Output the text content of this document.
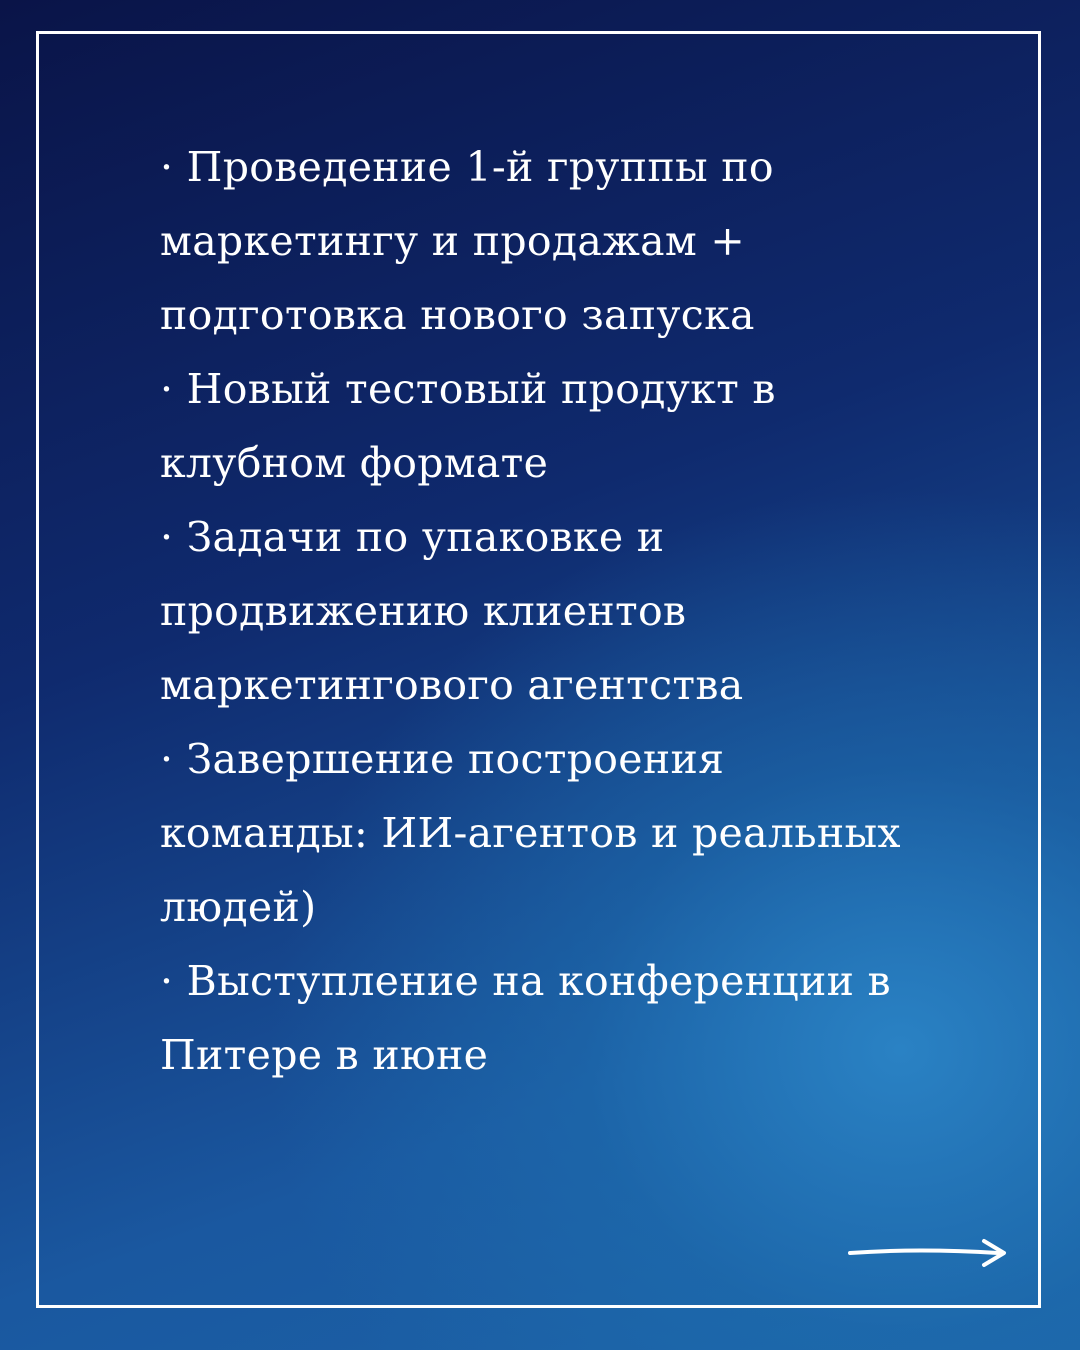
· Проведение 1-й группы по
маркетингу и продажам +
подготовка нового запуска

· Новый тестовый продукт в
клубном формате

· Задачи по упаковке и
продвижению клиентов
маркетингового агентства

· Завершение построения
команды: ИИ-агентов и реальных
людей)

· Выступление на конференции в
Питере в июне
